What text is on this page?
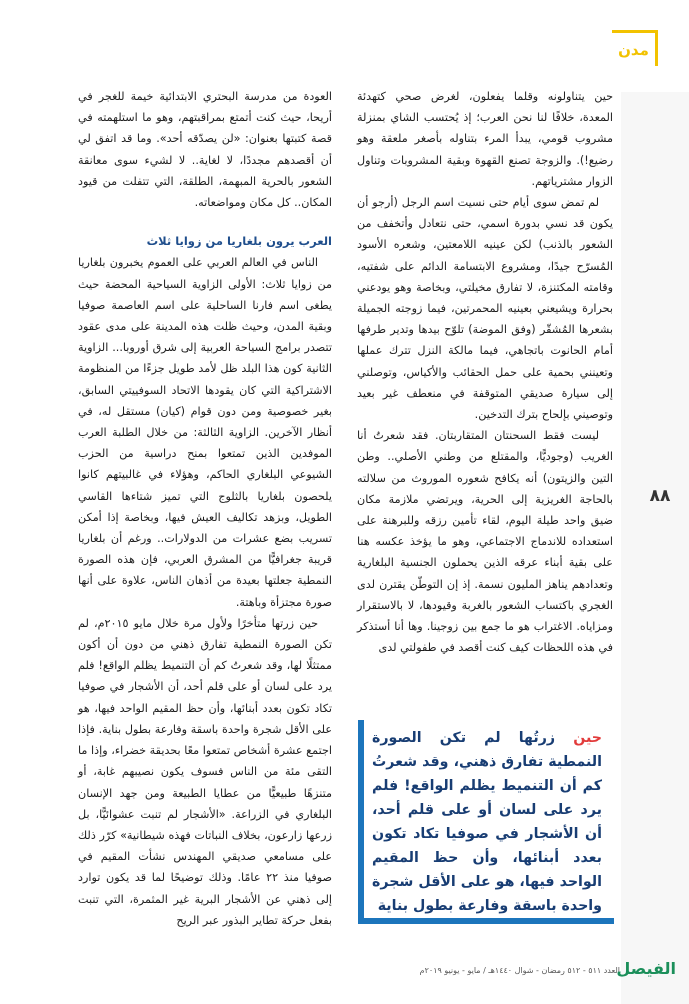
مدن
٨٨

حين يتناولونه وقلما يفعلون، لغرض صحي كتهدئة المعدة، خلافًا لنا نحن العرب؛ إذ يُحتسب الشاي بمنزلة مشروب قومي، يبدأ المرء بتناوله بأصغر ملعقة وهو رضيع!). والزوجة تصنع القهوة وبقية المشروبات وتناول الزوار مشترياتهم.

لم تمض سوى أيام حتى نسيت اسم الرجل (أرجو أن يكون قد نسي بدورة اسمي، حتى نتعادل وأتخفف من الشعور بالذنب) لكن عينيه اللامعتين، وشعره الأسود المُسرّح جيدًا، ومشروع الابتسامة الدائم على شفتيه، وقامته المكتنزة، لا تفارق مخيلتي، وبخاصة وهو يودعني بحرارة ويشيعني بعينيه المحمرتين، فيما زوجته الجميلة بشعرها المُشقّر (وفق الموضة) تلوّح بيدها وتدير طرفها أمام الحانوت باتجاهي، فيما مالكة النزل تترك عملها وتعينني بحمية على حمل الحقائب والأكياس، وتوصلني إلى سيارة صديقي المتوقفة في منعطف غير بعيد وتوصيني بإلحاح بترك التدخين.

ليست فقط السحنتان المتقاربتان. فقد شعرتُ أنا الغريب (وجوديًّا، والمقتلع من وطني الأصلي.. وطن التين والزيتون) أنه يكافح شعوره الموروث من سلالته بالحاجة الغريزية إلى الحرية، ويرتضي ملازمة مكان ضيق واحد طيلة اليوم، لقاء تأمين رزقه وللبرهنة على استعداده للاندماج الاجتماعي، وهو ما يؤخذ عكسه هنا على بقية أبناء عرقه الذين يحملون الجنسية البلغارية وتعدادهم يناهز المليون نسمة. إذ إن التوطّن يقترن لدى الغجري باكتساب الشعور بالغربة وقيودها، لا بالاستقرار ومزاياه. الاغتراب هو ما جمع بين زوجينا. وها أنا أستذكر في هذه اللحظات كيف كنت أقصد في طفولتي لدى

العودة من مدرسة البحتري الابتدائية خيمة للغجر في أريحا، حيث كنت أتمتع بمراقبتهم، وهو ما استلهمته في قصة كتبتها بعنوان: «لن يصدّقه أحد». وما قد اتفق لي أن أقصدهم مجددًا، لا لغاية.. لا لشيء سوى معانقة الشعور بالحرية المبهمة، الطلقة، التي تتفلت من قيود المكان.. كل مكان ومواضعاته.

العرب يرون بلغاريا من زوايا ثلاث

الناس في العالم العربي على العموم يخبرون بلغاريا من زوايا ثلاث: الأولى الزاوية السياحية المحضة حيث يطغى اسم فارنا الساحلية على اسم العاصمة صوفيا وبقية المدن، وحيث ظلت هذه المدينة على مدى عقود تتصدر برامج السياحة العربية إلى شرق أوروبا... الزاوية الثانية كون هذا البلد ظل لأمد طويل جزءًا من المنظومة الاشتراكية التي كان يقودها الاتحاد السوفييتي السابق، بغير خصوصية ومن دون قوام (كيان) مستقل له، في أنظار الآخرين. الزاوية الثالثة: من خلال الطلبة العرب الموفدين الذين تمتعوا بمنح دراسية من الحزب الشيوعي البلغاري الحاكم، وهؤلاء في غالبيتهم كانوا يلحصون بلغاريا بالثلوج التي تميز شتاءها القاسي الطويل، وبزهد تكاليف العيش فيها، وبخاصة إذا أمكن تسريب بضع عشرات من الدولارات.. ورغم أن بلغاريا قريبة جغرافيًّا من المشرق العربي، فإن هذه الصورة النمطية جعلتها بعيدة من أذهان الناس، علاوة على أنها صورة مجتزأة وباهتة.

حين زرتها متأخرًا ولأول مرة خلال مايو ٢٠١٥م، لم تكن الصورة النمطية تفارق ذهني من دون أن أكون ممتثلًا لها، وقد شعرتُ كم أن التنميط يظلم الواقع! فلم يرد على لسان أو على قلم أحد، أن الأشجار في صوفيا تكاد تكون بعدد أبنائها، وأن حظ المقيم الواحد فيها، هو على الأقل شجرة واحدة باسقة وفارعة بطول بناية. فإذا اجتمع عشرة أشخاص تمتعوا معًا بحديقة خضراء، وإذا ما التقى مئة من الناس فسوف يكون نصيبهم غابة، أو متنزهًا طبيعيًّا من عطايا الطبيعة ومن جهد الإنسان البلغاري في الزراعة. «الأشجار لم تنبت عشوائيًّا، بل زرعها زارعون، بخلاف النباتات فهذه شيطانية» كرّر ذلك على مسامعي صديقي المهندس نشأت المقيم في صوفيا منذ ٢٢ عامًا. وذلك توضيحًا لما قد يكون توارد إلى ذهني عن الأشجار البرية غير المثمرة، التي تنبت بفعل حركة تطاير البذور عبر الريح

حين زرتُها لم تكن الصورة النمطية تفارق ذهني، وقد شعرتُ كم أن التنميط يظلم الواقع! فلم يرد على لسان أو على قلم أحد، أن الأشجار في صوفيا تكاد تكون بعدد أبنائها، وأن حظ المقيم الواحد فيها، هو على الأقل شجرة واحدة باسقة وفارعة بطول بناية
العدد ٥١١ - ٥١٢ رمضان - شوال ١٤٤٠هـ / مايو - يونيو ٢٠١٩م
الفيصل
